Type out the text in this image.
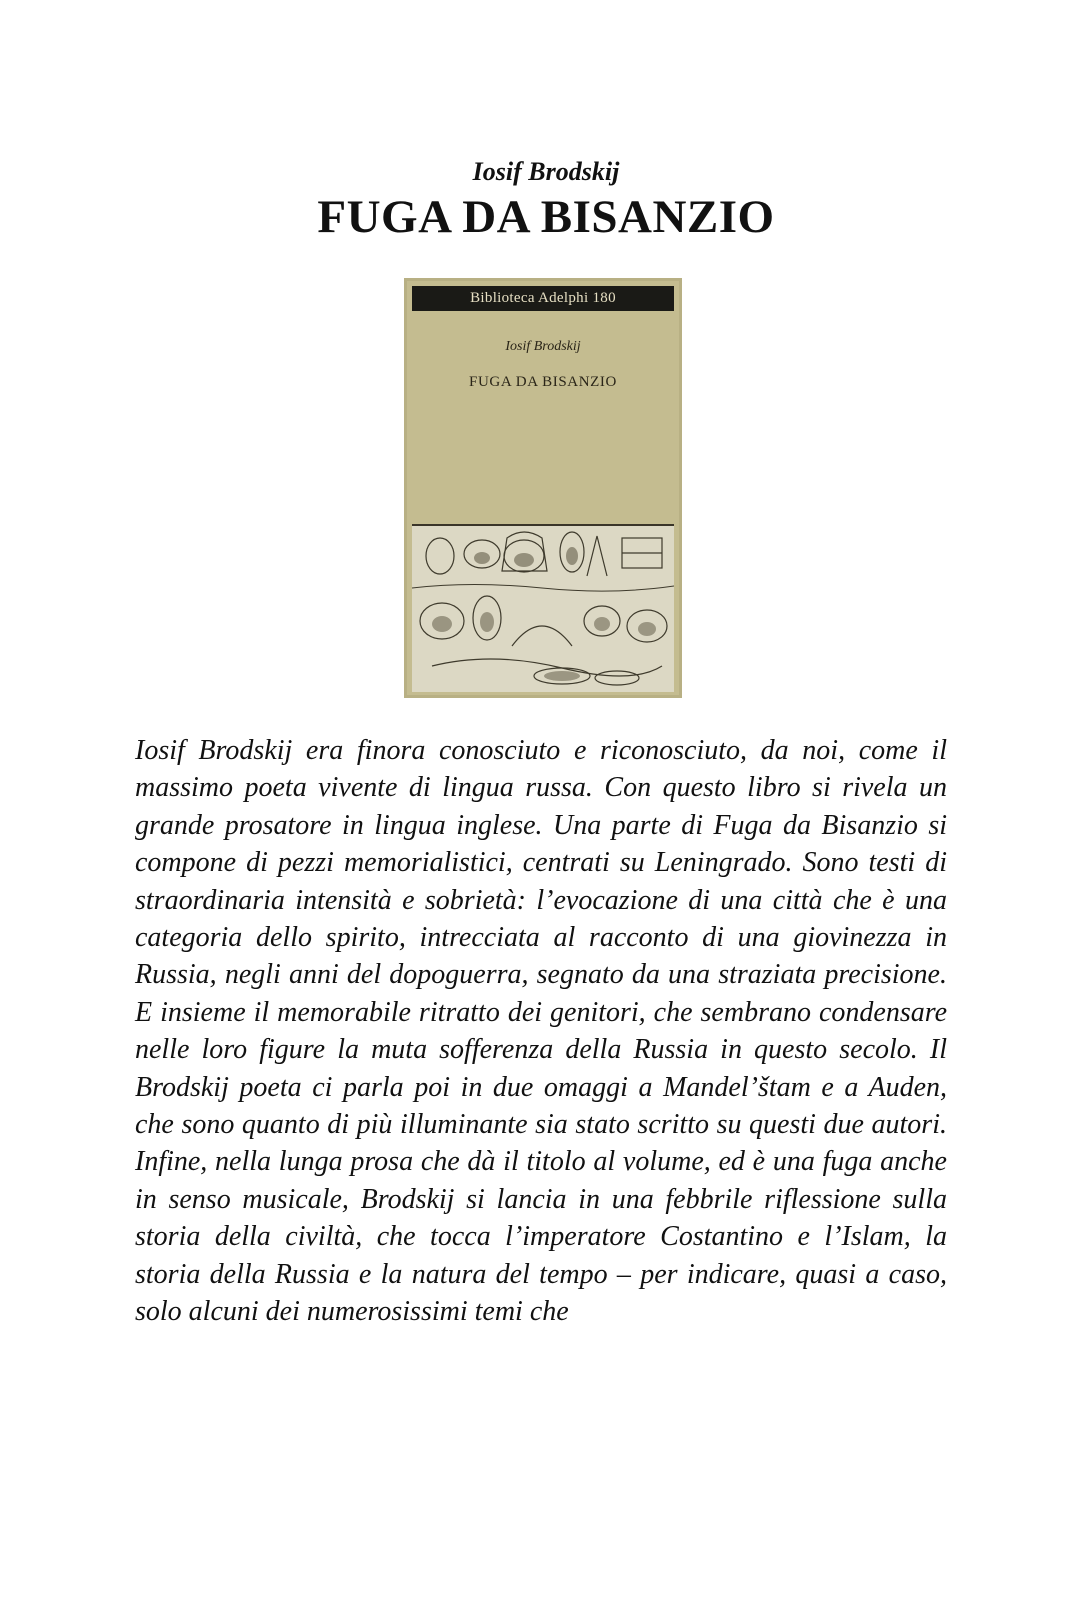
Iosif Brodskij
FUGA DA BISANZIO
Biblioteca Adelphi 180
Iosif Brodskij
FUGA DA BISANZIO
Iosif Brodskij era finora conosciuto e riconosciuto, da noi, come il massimo poeta vivente di lingua russa. Con questo libro si rivela un grande prosatore in lingua inglese. Una parte di Fuga da Bisanzio si compone di pezzi memorialistici, centrati su Leningrado. Sono testi di straordinaria intensità e sobrietà: l’evocazione di una città che è una categoria dello spirito, intrecciata al racconto di una giovinezza in Russia, negli anni del dopoguerra, segnato da una straziata precisione. E insieme il memorabile ritratto dei genitori, che sembrano condensare nelle loro figure la muta sofferenza della Russia in questo secolo. Il Brodskij poeta ci parla poi in due omaggi a Mandel’štam e a Auden, che sono quanto di più illuminante sia stato scritto su questi due autori. Infine, nella lunga prosa che dà il titolo al volume, ed è una fuga anche in senso musicale, Brodskij si lancia in una febbrile riflessione sulla storia della civiltà, che tocca l’imperatore Costantino e l’Islam, la storia della Russia e la natura del tempo – per indicare, quasi a caso, solo alcuni dei numerosissimi temi che
